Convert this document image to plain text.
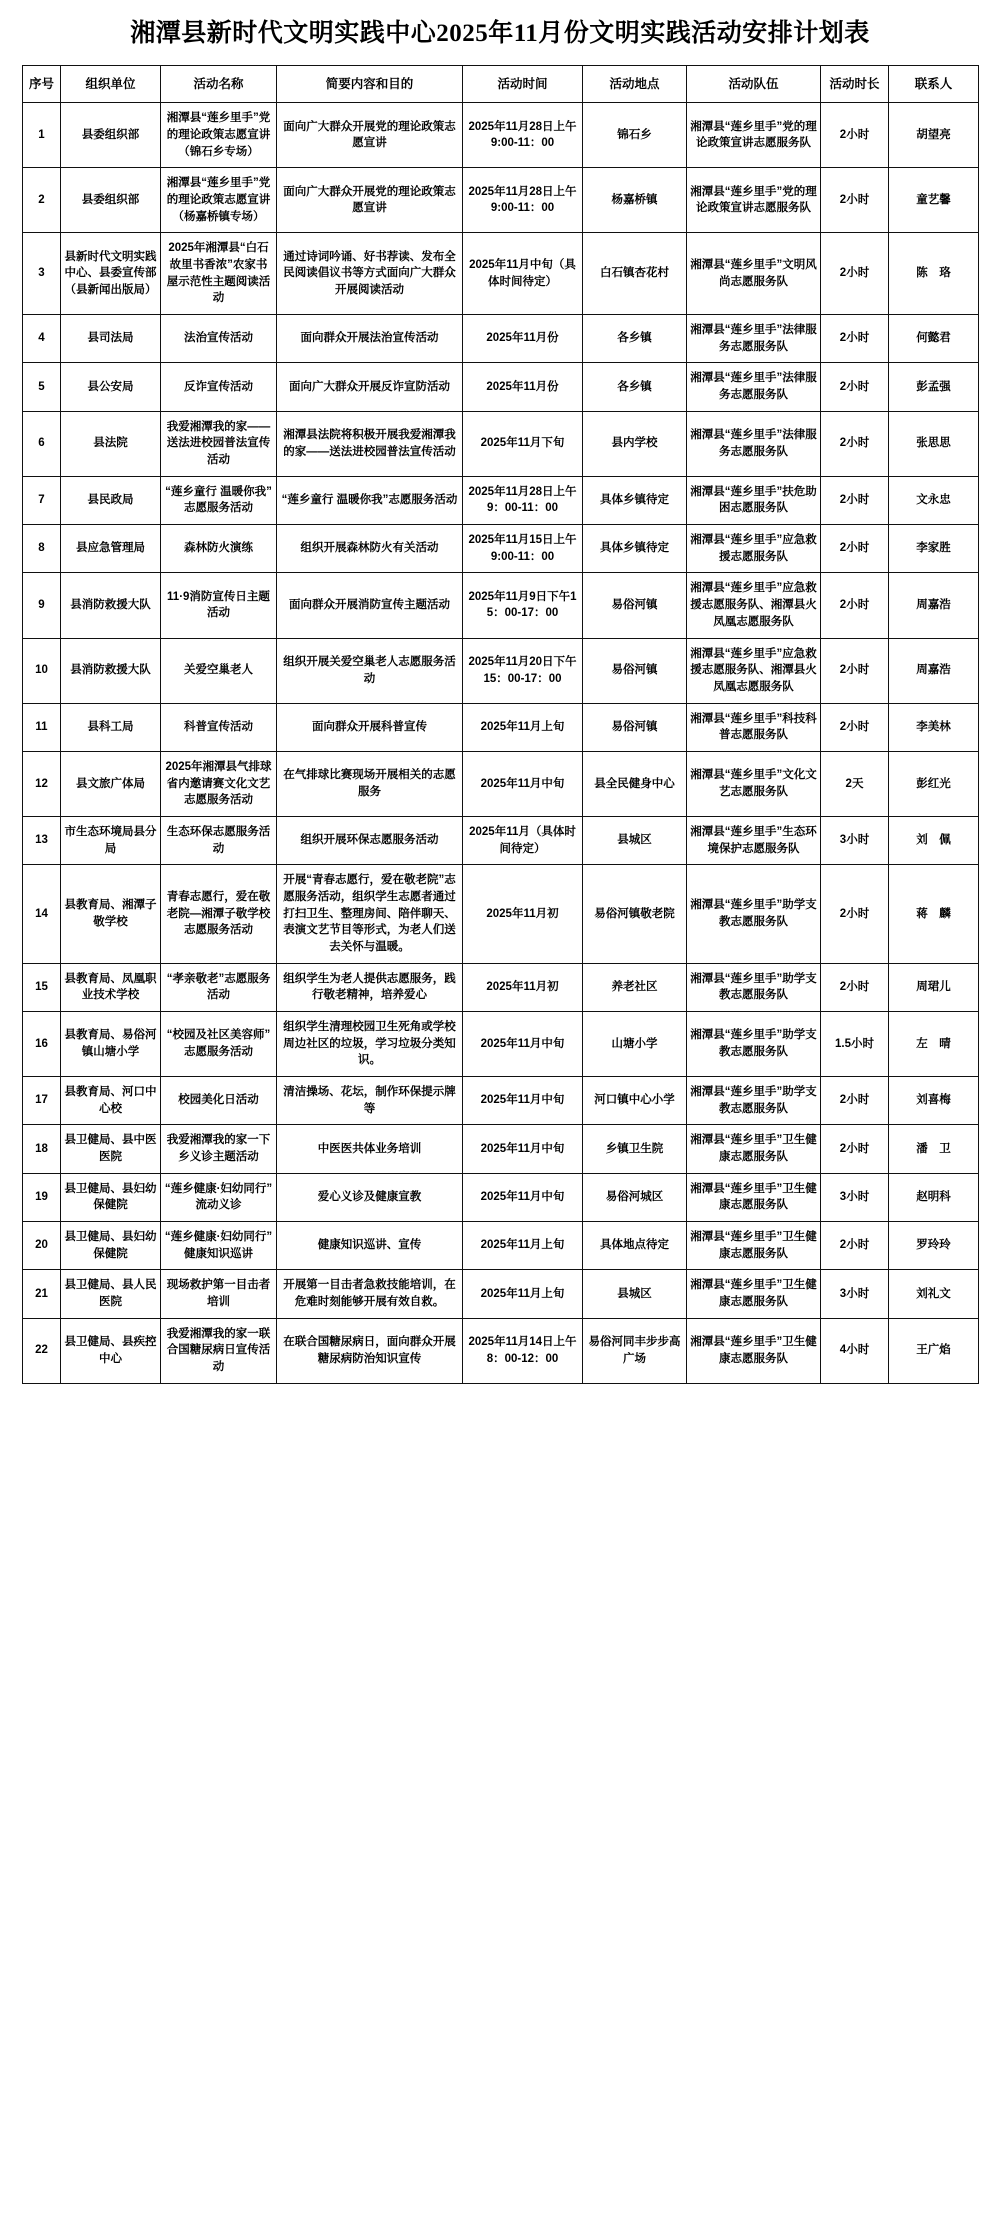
湘潭县新时代文明实践中心2025年11月份文明实践活动安排计划表
序号	组织单位	活动名称	简要内容和目的	活动时间	活动地点	活动队伍	活动时长	联系人
1	县委组织部	湘潭县“莲乡里手”党的理论政策志愿宣讲（锦石乡专场）	面向广大群众开展党的理论政策志愿宣讲	2025年11月28日上午9:00-11：00	锦石乡	湘潭县“莲乡里手”党的理论政策宣讲志愿服务队	2小时	胡望亮
2	县委组织部	湘潭县“莲乡里手”党的理论政策志愿宣讲（杨嘉桥镇专场）	面向广大群众开展党的理论政策志愿宣讲	2025年11月28日上午9:00-11：00	杨嘉桥镇	湘潭县“莲乡里手”党的理论政策宣讲志愿服务队	2小时	童艺馨
3	县新时代文明实践中心、县委宣传部（县新闻出版局）	2025年湘潭县“白石故里书香浓”农家书屋示范性主题阅读活动	通过诗词吟诵、好书荐读、发布全民阅读倡议书等方式面向广大群众开展阅读活动	2025年11月中旬（具体时间待定）	白石镇杏花村	湘潭县“莲乡里手”文明风尚志愿服务队	2小时	陈　珞
4	县司法局	法治宣传活动	面向群众开展法治宣传活动	2025年11月份	各乡镇	湘潭县“莲乡里手”法律服务志愿服务队	2小时	何懿君
5	县公安局	反诈宣传活动	面向广大群众开展反诈宣防活动	2025年11月份	各乡镇	湘潭县“莲乡里手”法律服务志愿服务队	2小时	彭孟强
6	县法院	我爱湘潭我的家——送法进校园普法宣传活动	湘潭县法院将积极开展我爱湘潭我的家——送法进校园普法宣传活动	2025年11月下旬	县内学校	湘潭县“莲乡里手”法律服务志愿服务队	2小时	张思思
7	县民政局	“莲乡童行 温暖你我”志愿服务活动	“莲乡童行 温暖你我”志愿服务活动	2025年11月28日上午9：00-11：00	具体乡镇待定	湘潭县“莲乡里手”扶危助困志愿服务队	2小时	文永忠
8	县应急管理局	森林防火演练	组织开展森林防火有关活动	2025年11月15日上午9:00-11：00	具体乡镇待定	湘潭县“莲乡里手”应急救援志愿服务队	2小时	李家胜
9	县消防救援大队	11·9消防宣传日主题活动	面向群众开展消防宣传主题活动	2025年11月9日下午15：00-17：00	易俗河镇	湘潭县“莲乡里手”应急救援志愿服务队、湘潭县火凤凰志愿服务队	2小时	周嘉浩
10	县消防救援大队	关爱空巢老人	组织开展关爱空巢老人志愿服务活动	2025年11月20日下午15：00-17：00	易俗河镇	湘潭县“莲乡里手”应急救援志愿服务队、湘潭县火凤凰志愿服务队	2小时	周嘉浩
11	县科工局	科普宣传活动	面向群众开展科普宣传	2025年11月上旬	易俗河镇	湘潭县“莲乡里手”科技科普志愿服务队	2小时	李美林
12	县文旅广体局	2025年湘潭县气排球省内邀请赛文化文艺志愿服务活动	在气排球比赛现场开展相关的志愿服务	2025年11月中旬	县全民健身中心	湘潭县“莲乡里手”文化文艺志愿服务队	2天	彭红光
13	市生态环境局县分局	生态环保志愿服务活动	组织开展环保志愿服务活动	2025年11月（具体时间待定）	县城区	湘潭县“莲乡里手”生态环境保护志愿服务队	3小时	刘　佩
14	县教育局、湘潭子敬学校	青春志愿行，爱在敬老院—湘潭子敬学校志愿服务活动	开展“青春志愿行，爱在敬老院”志愿服务活动，组织学生志愿者通过打扫卫生、整理房间、陪伴聊天、表演文艺节目等形式，为老人们送去关怀与温暖。	2025年11月初	易俗河镇敬老院	湘潭县“莲乡里手”助学支教志愿服务队	2小时	蒋　麟
15	县教育局、凤凰职业技术学校	“孝亲敬老”志愿服务活动	组织学生为老人提供志愿服务，践行敬老精神，培养爱心	2025年11月初	养老社区	湘潭县“莲乡里手”助学支教志愿服务队	2小时	周珺儿
16	县教育局、易俗河镇山塘小学	“校园及社区美容师”志愿服务活动	组织学生清理校园卫生死角或学校周边社区的垃圾，学习垃圾分类知识。	2025年11月中旬	山塘小学	湘潭县“莲乡里手”助学支教志愿服务队	1.5小时	左　晴
17	县教育局、河口中心校	校园美化日活动	清洁操场、花坛，制作环保提示牌等	2025年11月中旬	河口镇中心小学	湘潭县“莲乡里手”助学支教志愿服务队	2小时	刘喜梅
18	县卫健局、县中医医院	我爱湘潭我的家一下乡义诊主题活动	中医医共体业务培训	2025年11月中旬	乡镇卫生院	湘潭县“莲乡里手”卫生健康志愿服务队	2小时	潘　卫
19	县卫健局、县妇幼保健院	“莲乡健康·妇幼同行”流动义诊	爱心义诊及健康宣教	2025年11月中旬	易俗河城区	湘潭县“莲乡里手”卫生健康志愿服务队	3小时	赵明科
20	县卫健局、县妇幼保健院	“莲乡健康·妇幼同行”健康知识巡讲	健康知识巡讲、宣传	2025年11月上旬	具体地点待定	湘潭县“莲乡里手”卫生健康志愿服务队	2小时	罗玲玲
21	县卫健局、县人民医院	现场救护第一目击者培训	开展第一目击者急救技能培训，在危难时刻能够开展有效自救。	2025年11月上旬	县城区	湘潭县“莲乡里手”卫生健康志愿服务队	3小时	刘礼文
22	县卫健局、县疾控中心	我爱湘潭我的家一联合国糖尿病日宣传活动	在联合国糖尿病日，面向群众开展糖尿病防治知识宣传	2025年11月14日上午8：00-12：00	易俗河同丰步步高广场	湘潭县“莲乡里手”卫生健康志愿服务队	4小时	王广焰
